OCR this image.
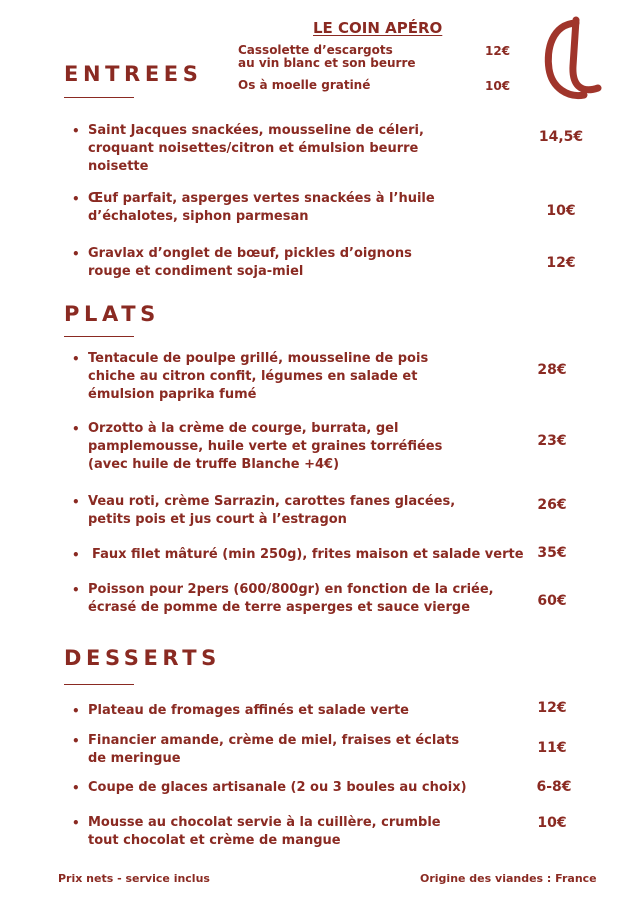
LE COIN APÉRO
Cassolette d’escargots
au vin blanc et son beurre
12€
Os à moelle gratiné	10€
ENTREES
• Saint Jacques snackées, mousseline de céleri,
croquant noisettes/citron et émulsion beurre
noisette
14,5€
• Œuf parfait, asperges vertes snackées à l’huile
d’échalotes, siphon parmesan	10€
• Gravlax d’onglet de bœuf, pickles d’oignons
rouge et condiment soja-miel
12€
PLATS
• Tentacule de poulpe grillé, mousseline de pois
chiche au citron confit, légumes en salade et
émulsion paprika fumé
28€
• Orzotto à la crème de courge, burrata, gel
pamplemousse, huile verte et graines torréfiées
(avec huile de truffe Blanche +4€)
23€
• Veau roti, crème Sarrazin, carottes fanes glacées,
petits pois et jus court à l’estragon
26€
• Faux filet mâturé (min 250g), frites maison et salade verte 35€
• Poisson pour 2pers (600/800gr) en fonction de la criée,
écrasé de pomme de terre asperges et sauce vierge	60€
DESSERTS
• Plateau de fromages affinés et salade verte	12€
• Financier amande, crème de miel, fraises et éclats
de meringue
11€
• Coupe de glaces artisanale (2 ou 3 boules au choix)	6-8€
• Mousse au chocolat servie à la cuillère, crumble
tout chocolat et crème de mangue
10€
Prix nets - service inclus	Origine des viandes : France
